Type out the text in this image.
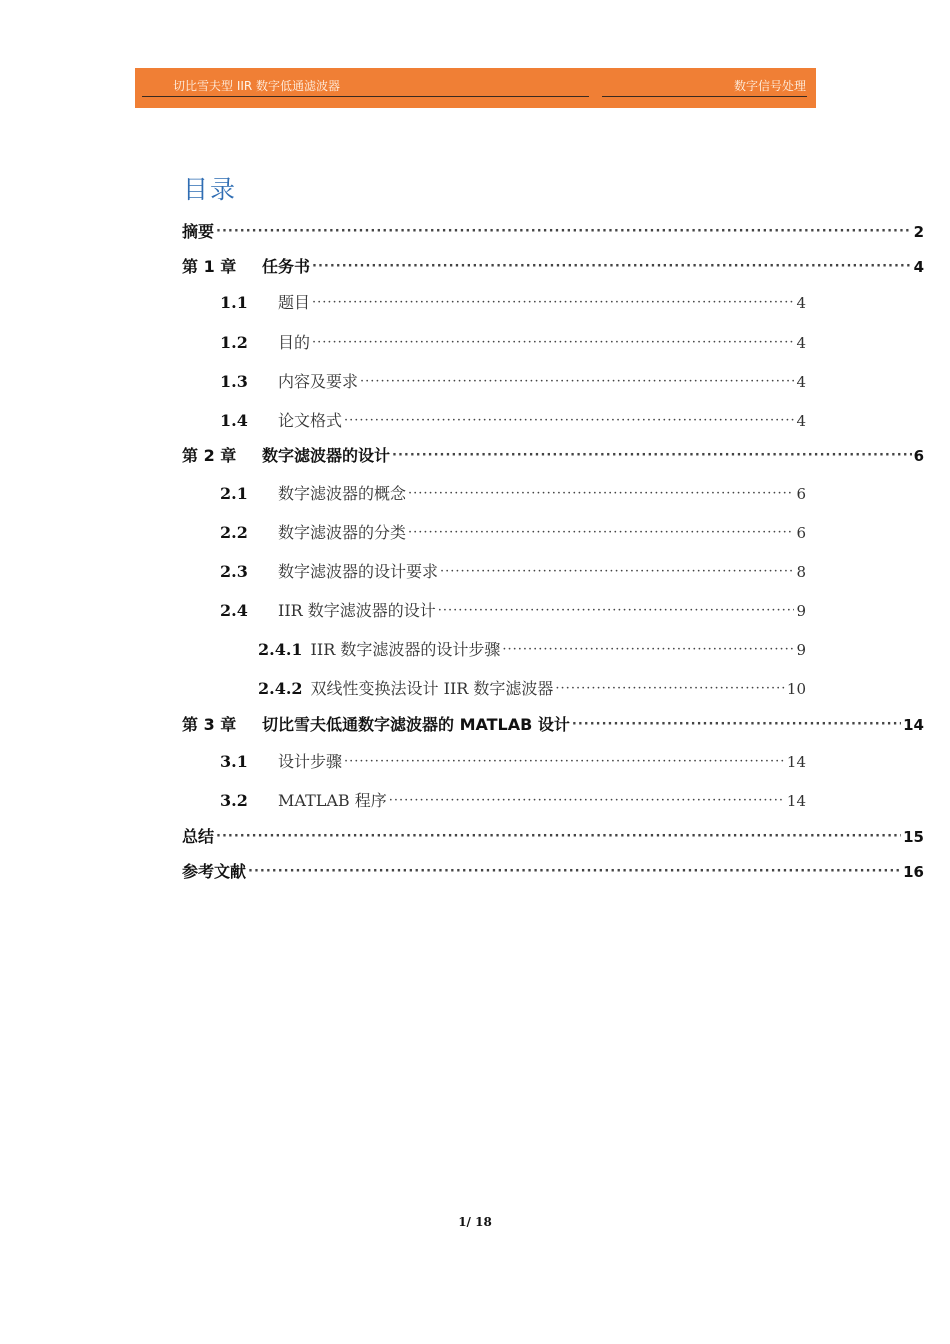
切比雪夫型 IIR 数字低通滤波器	数字信号处理
目录
摘要 ·····	2
第 1 章	任务书 ·····	4
1.1	题目 ·····	4
1.2	目的 ·····	4
1.3	内容及要求 ·····	4
1.4	论文格式 ·····	4
第 2 章	数字滤波器的设计 ·····	6
2.1	数字滤波器的概念 ·····	6
2.2	数字滤波器的分类 ·····	6
2.3	数字滤波器的设计要求 ·····	8
2.4	IIR 数字滤波器的设计 ·····	9
2.4.1 IIR 数字滤波器的设计步骤 ·····	9
2.4.2 双线性变换法设计 IIR 数字滤波器 ·····	10
第 3 章	切比雪夫低通数字滤波器的 MATLAB 设计 ·····	14
3.1	设计步骤 ·····	14
3.2	MATLAB 程序 ·····	14
总结 ·····	15
参考文献 ·····	16
1/ 18
